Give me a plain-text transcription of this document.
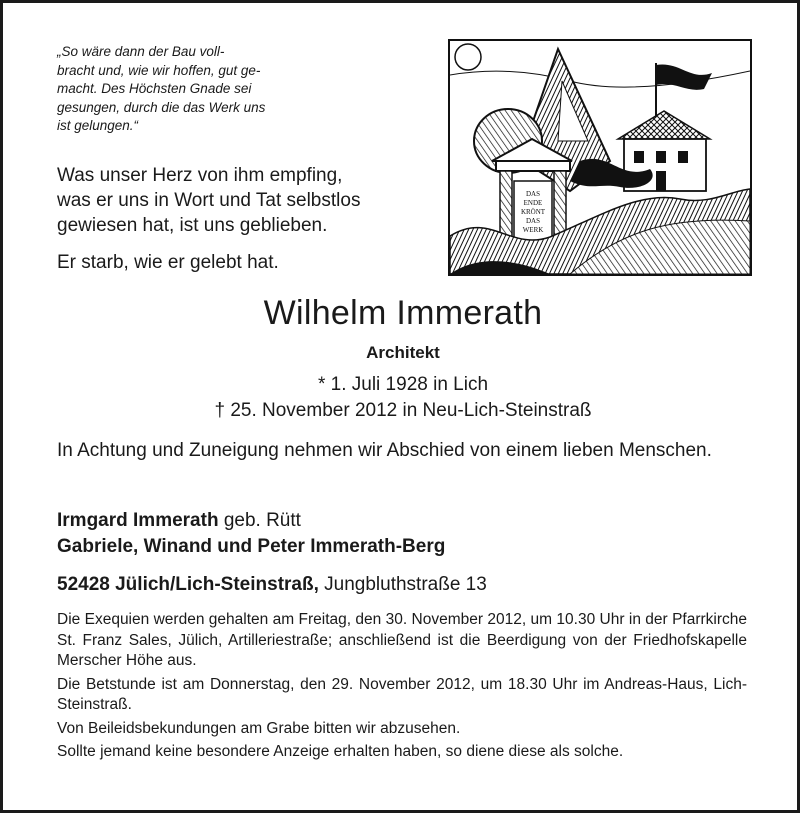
„So wäre dann der Bau voll-
bracht und, wie wir hoffen, gut ge-
macht. Des Höchsten Gnade sei
gesungen, durch die das Werk uns
ist gelungen.“
Was unser Herz von ihm empfing,
was er uns in Wort und Tat selbstlos
gewiesen hat, ist uns geblieben.
Er starb, wie er gelebt hat.
DAS
ENDE
KRÖNT
DAS
WERK
Wilhelm Immerath
Architekt
* 1. Juli 1928 in Lich
† 25. November 2012 in Neu-Lich-Steinstraß
In Achtung und Zuneigung nehmen wir Abschied von einem lieben Menschen.
Irmgard Immerath geb. Rütt
Gabriele, Winand und Peter Immerath-Berg
52428 Jülich/Lich-Steinstraß, Jungbluthstraße 13

Die Exequien werden gehalten am Freitag, den 30. November 2012, um 10.30 Uhr in der Pfarrkirche St. Franz Sales, Jülich, Artilleriestraße; anschließend ist die Beerdigung von der Friedhofskapelle Merscher Höhe aus.

Die Betstunde ist am Donnerstag, den 29. November 2012, um 18.30 Uhr im Andreas-Haus, Lich-Steinstraß.

Von Beileidsbekundungen am Grabe bitten wir abzusehen.

Sollte jemand keine besondere Anzeige erhalten haben, so diene diese als solche.
